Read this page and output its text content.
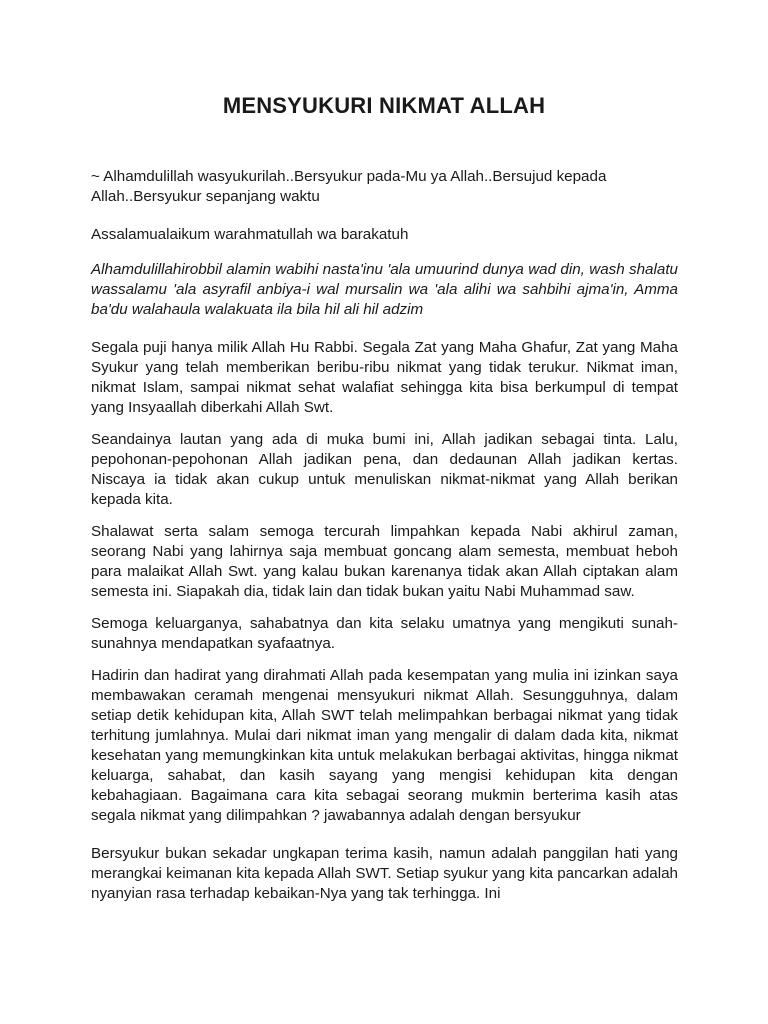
MENSYUKURI NIKMAT ALLAH

~ Alhamdulillah wasyukurilah..Bersyukur pada-Mu ya Allah..Bersujud kepada Allah..Bersyukur sepanjang waktu

Assalamualaikum warahmatullah wa barakatuh

Alhamdulillahirobbil alamin wabihi nasta'inu 'ala umuurind dunya wad din, wash shalatu wassalamu 'ala asyrafil anbiya-i wal mursalin wa 'ala alihi wa sahbihi ajma'in, Amma ba'du walahaula walakuata ila bila hil ali hil adzim

Segala puji hanya milik Allah Hu Rabbi. Segala Zat yang Maha Ghafur, Zat yang Maha Syukur yang telah memberikan beribu-ribu nikmat yang tidak terukur. Nikmat iman, nikmat Islam, sampai nikmat sehat walafiat sehingga kita bisa berkumpul di tempat yang Insyaallah diberkahi Allah Swt.

Seandainya lautan yang ada di muka bumi ini, Allah jadikan sebagai tinta. Lalu, pepohonan-pepohonan Allah jadikan pena, dan dedaunan Allah jadikan kertas. Niscaya ia tidak akan cukup untuk menuliskan nikmat-nikmat yang Allah berikan kepada kita.

Shalawat serta salam semoga tercurah limpahkan kepada Nabi akhirul zaman, seorang Nabi yang lahirnya saja membuat goncang alam semesta, membuat heboh para malaikat Allah Swt. yang kalau bukan karenanya tidak akan Allah ciptakan alam semesta ini. Siapakah dia, tidak lain dan tidak bukan yaitu Nabi Muhammad saw.

Semoga keluarganya, sahabatnya dan kita selaku umatnya yang mengikuti sunah-sunahnya mendapatkan syafaatnya.

Hadirin dan hadirat yang dirahmati Allah pada kesempatan yang mulia ini izinkan saya membawakan ceramah mengenai mensyukuri nikmat Allah. Sesungguhnya, dalam setiap detik kehidupan kita, Allah SWT telah melimpahkan berbagai nikmat yang tidak terhitung jumlahnya. Mulai dari nikmat iman yang mengalir di dalam dada kita, nikmat kesehatan yang memungkinkan kita untuk melakukan berbagai aktivitas, hingga nikmat keluarga, sahabat, dan kasih sayang yang mengisi kehidupan kita dengan kebahagiaan. Bagaimana cara kita sebagai seorang mukmin berterima kasih atas segala nikmat yang dilimpahkan ? jawabannya adalah dengan bersyukur

Bersyukur bukan sekadar ungkapan terima kasih, namun adalah panggilan hati yang merangkai keimanan kita kepada Allah SWT. Setiap syukur yang kita pancarkan adalah nyanyian rasa terhadap kebaikan-Nya yang tak terhingga. Ini
